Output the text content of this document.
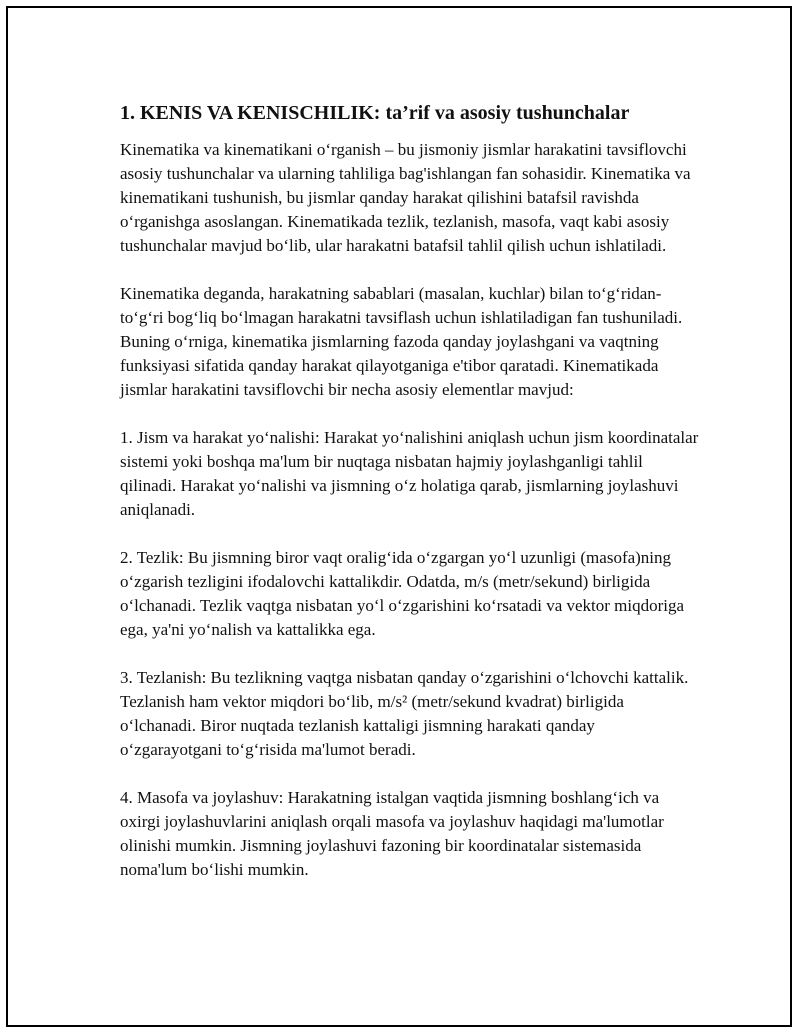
1. KENIS VA KENISCHILIK: ta’rif va asosiy tushunchalar

Kinematika va kinematikani o‘rganish – bu jismoniy jismlar harakatini tavsiflovchi asosiy tushunchalar va ularning tahliliga bag'ishlangan fan sohasidir. Kinematika va kinematikani tushunish, bu jismlar qanday harakat qilishini batafsil ravishda o‘rganishga asoslangan. Kinematikada tezlik, tezlanish, masofa, vaqt kabi asosiy tushunchalar mavjud bo‘lib, ular harakatni batafsil tahlil qilish uchun ishlatiladi.

Kinematika deganda, harakatning sabablari (masalan, kuchlar) bilan to‘g‘ridan-to‘g‘ri bog‘liq bo‘lmagan harakatni tavsiflash uchun ishlatiladigan fan tushuniladi. Buning o‘rniga, kinematika jismlarning fazoda qanday joylashgani va vaqtning funksiyasi sifatida qanday harakat qilayotganiga e'tibor qaratadi. Kinematikada jismlar harakatini tavsiflovchi bir necha asosiy elementlar mavjud:

1. Jism va harakat yo‘nalishi: Harakat yo‘nalishini aniqlash uchun jism koordinatalar sistemi yoki boshqa ma'lum bir nuqtaga nisbatan hajmiy joylashganligi tahlil qilinadi. Harakat yo‘nalishi va jismning o‘z holatiga qarab, jismlarning joylashuvi aniqlanadi.

2. Tezlik: Bu jismning biror vaqt oralig‘ida o‘zgargan yo‘l uzunligi (masofa)ning o‘zgarish tezligini ifodalovchi kattalikdir. Odatda, m/s (metr/sekund) birligida o‘lchanadi. Tezlik vaqtga nisbatan yo‘l o‘zgarishini ko‘rsatadi va vektor miqdoriga ega, ya'ni yo‘nalish va kattalikka ega.

3. Tezlanish: Bu tezlikning vaqtga nisbatan qanday o‘zgarishini o‘lchovchi kattalik. Tezlanish ham vektor miqdori bo‘lib, m/s² (metr/sekund kvadrat) birligida o‘lchanadi. Biror nuqtada tezlanish kattaligi jismning harakati qanday o‘zgarayotgani to‘g‘risida ma'lumot beradi.

4. Masofa va joylashuv: Harakatning istalgan vaqtida jismning boshlang‘ich va oxirgi joylashuvlarini aniqlash orqali masofa va joylashuv haqidagi ma'lumotlar olinishi mumkin. Jismning joylashuvi fazoning bir koordinatalar sistemasida noma'lum bo‘lishi mumkin.
